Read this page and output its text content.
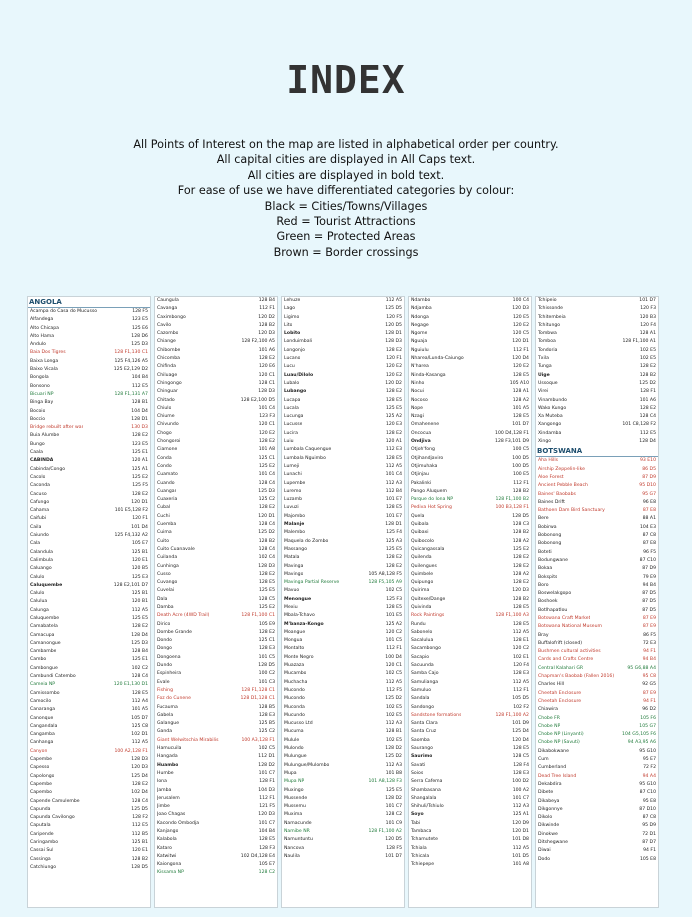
INDEX
All Points of Interest on the map are listed in alphabetical order per country.
All capital cities are displayed in All Caps text.
All cities are displayed in bold text.
For ease of use we have differentiated categories by colour:
Black = Cities/Towns/Villages
Red = Tourist Attractions
Green = Protected Areas
Brown = Border crossings
ANGOLA
Acampa do Casa do Mucusso	128 F5
Alfandega	123 E5
Alto Chicapa	125 E6
Alto Hama	128 D6
Andulo	125 D3
Baia Dos Tigres	128 F1,130 C1
Baixa Longa	125 F4,126 A5
Baixo Vicala	125 E2,129 D2
Bongola	104 B4
Bonsono	112 E5
Bicuari NP	128 F1,131 A7
Binga Bay	128 B1
Bocoio	104 D4
Boccio	128 D1
Bridge rebuilt after war	130 D3
Buia Alumbe	128 E2
Bungo	123 E5
Caala	125 E1
CABINDA	120 A1
Cabinda/Congo	125 A1
Cacolo	125 E2
Caconda	125 F5
Cacuso	128 E2
Cafungo	120 D1
Cahama	101 E5,128 F2
Caifubi	120 F1
Caila	101 D4
Caiundo	125 F4,132 A2
Cala	105 E7
Calandula	125 B1
Calimbula	120 E1
Caluango	120 B5
Calulo	125 E3
Caluquembe	128 E2,101 D7
Calulo	125 B1
Calulua	120 B1
Calunga	112 A5
Caluquembe	125 E5
Camabatela	128 E2
Camacupa	128 D4
Camanongue	125 D3
Cambambe	128 B4
Cambo	125 E1
Cambongue	102 C2
Cambundi Catembo	128 C4
Cameia NP	120 E1,130 D1
Camissombo	128 E5
Camocilo	112 A4
Canaranga	101 A5
Canonque	105 D7
Cangandala	125 C8
Cangamba	102 D1
Canhanga	112 A5
Canyon	100 A2,128 F1
Capembe	128 D3
Capesso	120 D3
Capolongo	125 D4
Capembe	128 E2
Capembo	102 D4
Capende Camulembe	128 C4
Capunda	125 D5
Capunda Cavilongo	128 F2
Caputala	112 E5
Caripende	112 B5
Caringambo	125 B1
Cassai Sul	120 E1
Cassinga	128 B2
Catchiungo	128 D5
Caungula	128 B4
Cavanga	112 F1
Caximbongo	120 D2
Cavilo	128 B2
Cazombo	120 D3
Chiange	128 F2,100 A5
Chibombe	101 A6
Chicomba	128 E2
Chifinda	120 E6
Chiluage	120 C1
Chingongo	128 C1
Chinguar	128 D3
Chitado	128 E2,100 D5
Chiulo	101 C4
Chiume	123 F3
Chivundo	120 C1
Chogo	120 E2
Chongoroi	128 E2
Ciamone	101 A8
Conda	125 C1
Condo	125 E2
Cuamato	101 C4
Cuando	128 C4
Cuangar	125 D3
Cuaxeria	125 C2
Cubal	128 E2
Cuchi	120 D1
Cuemba	128 C4
Cuima	125 D2
Cuito	128 B2
Cuito Cuanavale	128 C4
Cuilanda	102 C4
Cunhinga	128 D3
Cusso	128 E2
Cuvango	128 E5
Cuvelai	125 E5
Dala	128 C5
Damba	125 E2
Death Acre (4WD Trail)	128 F1,100 C1
Dirico	105 E9
Dombe Grande	128 E2
Dondo	125 C1
Dongo	128 E3
Dongoena	101 C5
Dundo	128 D5
Espinheira	100 C2
Evale	101 C3
Fishing	128 F1,128 C1
Foz do Cunene	128 D1,128 C1
Fucauma	128 B5
Gabela	128 E3
Galangue	125 B5
Ganda	125 C2
Giant Welwitschia Mirabilis	100 A3,128 F1
Hamucuila	102 C5
Hangada	112 D1
Huambo	128 D2
Humbe	101 C7
Iona	128 F1
Jamba	104 D3
Jerusalem	112 F1
Jimbe	121 F5
Joao Chagas	120 D3
Kacondo Ombodja	101 C7
Kanjango	104 B4
Kalabola	128 E5
Kataro	128 F3
Katwitwi	102 D4,128 E4
Kaiongona	105 E7
Kissama NP	128 C2
Lehuze	112 A5
Lago	125 D5
Ligimo	120 F5
Lito	120 D5
Lobito	128 D1
Londuimbali	128 D3
Longonjo	128 E2
Lucano	120 F1
Lucu	120 E2
Luau/Dilolo	120 E2
Lubalo	120 D2
Lubango	128 E2
Lucapa	128 E5
Lucala	125 E5
Lucunga	125 A2
Lucusse	120 E3
Lucira	128 E2
Luiu	120 A1
Lumbala Caquengue	112 E3
Lumbala Nguimbo	128 E5
Lumeji	112 A5
Lunachi	101 C4
Lupembe	112 A3
Luremo	112 B4
Luzamb	101 E7
Luvuzi	128 E5
Majombo	101 E7
Malanje	128 D1
Malembo	125 F4
Maquela do Zombo	125 A3
Massango	125 E5
Matala	128 E2
Mavinga	128 E2
Mavingo	105 A8,128 F5
Mavinga Partial Reserve	128 F5,105 A9
Mavuo	102 C5
Menongue	125 F3
Mexiu	128 E5
Mbala-Tchavo	101 E5
M'banza-Kongo	125 A2
Moangue	120 C2
Mongua	101 C5
Montalto	112 F1
Monte Negro	100 D4
Muazaza	120 C1
Mucambo	102 C5
Muchacha	112 A5
Mucondo	112 F5
Mucondo	125 D2
Muconda	102 E5
Mucundo	102 E5
Mucusso Ltd	112 A3
Mucuma	128 B1
Mulule	102 E5
Mulondo	128 D2
Mulungue	125 D2
Mulungue/Mulombo	112 A3
Mupa	101 B8
Mupa NP	101 A8,128 F3
Muxingo	125 E5
Mussende	128 D2
Mussemu	101 C7
Muxima	128 C2
Namacunde	101 C9
Namibe NR	128 F1,100 A2
Namuntuntu	120 D5
Nancova	128 F5
Naulila	101 D7
Ndambo	100 C4
Ndjamba	120 D3
Ndonga	120 E5
Negage	120 E2
Ngome	120 C5
Nguaja	120 D1
Nguiulu	112 F1
Nharea/Lunda-Caiungo	120 D4
N'harea	120 E2
Ninda-Kasanga	128 E5
Ninho	105 A10
Nocui	128 A1
Nocoso	128 A2
Nope	101 A5
Nzagi	128 E5
Omahenene	101 D7
Oncocua	100 D4,128 F1
Ondjiva	128 F3,101 D9
Otjoh'fong	100 C5
Otjihandjaviro	100 D5
Otjimuhaka	100 D5
Otjinjau	100 E5
Pakalinki	112 F1
Pango Aluquem	128 B2
Parque do Iona NP	128 F1,100 B2
Pediva Hot Spring	100 B3,128 F1
Quela	128 D5
Quibala	128 C3
Quibaxi	128 B2
Quibocolo	128 A2
Quicangassala	125 E2
Quilenda	128 E2
Quilengues	128 E2
Quimbele	128 A2
Quipungo	128 E2
Quirima	120 D3
Quitexe/Dange	128 B2
Quivinda	128 E5
Rock Paintings	128 F1,100 A3
Rundu	128 E5
Sabonelo	112 A5
Sacalulua	128 E1
Sacambongo	120 C2
Sacapio	102 E1
Sacuunda	120 F4
Samba Cajo	128 E3
Samulianga	112 A5
Samuluo	112 F1
Sandala	105 D5
Sandongo	102 F2
Sandstone formations	128 F1,100 A2
Santa Clara	101 D9
Santa Cruz	125 D4
Saomba	120 D4
Saurango	128 E5
Saurimo	128 C5
Savati	128 F4
Soios	128 E3
Serra Cafema	100 D2
Shambasana	100 A2
Shangalala	101 C7
Shihuli/Tshiulo	112 A3
Soyo	125 A1
Tabi	120 D9
Tambaca	120 D1
Tchamutete	101 D8
Tchiala	112 A5
Tchicala	101 D5
Tchiepepe	101 A8
Tchipeio	101 D7
Tchissonde	120 F3
Tchitembeia	120 B3
Tchitungo	120 F4
Tombwa	128 A1
Tomboa	128 F1,100 A1
Tondoria	102 E5
Txila	102 E5
Tunga	128 E2
Uige	128 B2
Ussoque	125 D2
Virei	128 F1
Vinambundo	101 A6
Wako Kungo	128 E2
Xa Muteba	128 C4
Xangongo	101 C8,128 F2
Xindamba	112 E5
Xingo	128 D4
BOTSWANA
Aha Hills	93 E10
Airship Zeppelin-like	86 D5
Aloe Forest	87 D9
Ancient Pebble Beach	95 D10
Baines' Baobabs	95 G7
Baines Drift	96 E8
Bathoen Dam Bird Sanctuary	87 E8
Bere	88 A1
Bobirwa	104 E3
Bobonong	87 C8
Bobonong	87 E8
Boteti	96 F5
Bodungwane	87 C10
Bokaa	87 D9
Bokspits	79 E9
Boro	94 B4
Boswelakgopo	87 D5
Boshoek	87 D5
Botlhapatlou	87 D5
Botswana Craft Market	87 E9
Botswana National Museum	87 E9
Bray	86 F5
Buffalofrift (closed)	72 E3
Bushmen cultural activities	94 F1
Cards and Crafts Centre	94 B4
Central Kalahari GR	95 G6,88 A4
Chapman's Baobab (Fallen 2016)	95 C8
Charles Hill	92 G5
Cheetah Enclosure	87 E9
Cheetah Enclosure	94 F1
Chiawira	96 D2
Chobe FR	105 F6
Chobe NP	105 G7
Chobe NP (Linyanti)	104 G5,105 F6
Chobe NP (Savuti)	94 A3,95 A6
Dikabokwane	95 G10
Cum	95 E7
Cumberland	72 F2
Dead Tree Island	94 A4
Dekabdira	95 G10
Dibete	87 C10
Dikabeya	95 E8
Dikgonnye	87 D10
Dikolo	87 C8
Dikwinde	95 D9
Dinokwe	72 D1
Ditshegwane	87 D7
Diwai	94 F1
Dodo	105 E8
